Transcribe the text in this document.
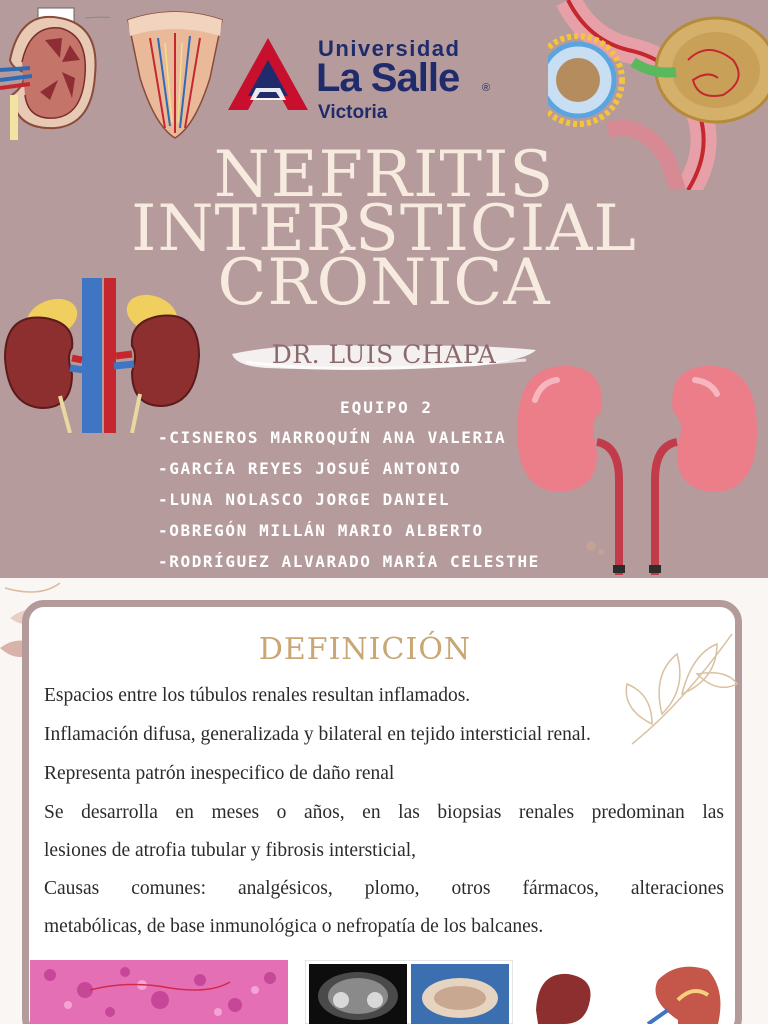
Universidad
La Salle ®
Victoria
NEFRITIS
INTERSTICIAL
CRÓNICA
DR. LUIS CHAPA
EQUIPO 2
-CISNEROS MARROQUÍN ANA VALERIA
-GARCÍA REYES JOSUÉ ANTONIO
-LUNA NOLASCO JORGE DANIEL
-OBREGÓN MILLÁN MARIO ALBERTO
-RODRÍGUEZ ALVARADO MARÍA CELESTHE
DEFINICIÓN
Espacios entre los túbulos renales resultan inflamados.
Inflamación difusa, generalizada y bilateral en tejido intersticial renal.
Representa patrón inespecifico de daño renal
Se desarrolla en meses o años, en las biopsias renales predominan las
lesiones de atrofia tubular y fibrosis intersticial,
Causas comunes: analgésicos, plomo, otros fármacos, alteraciones
metabólicas, de base inmunológica o nefropatía de los balcanes.
